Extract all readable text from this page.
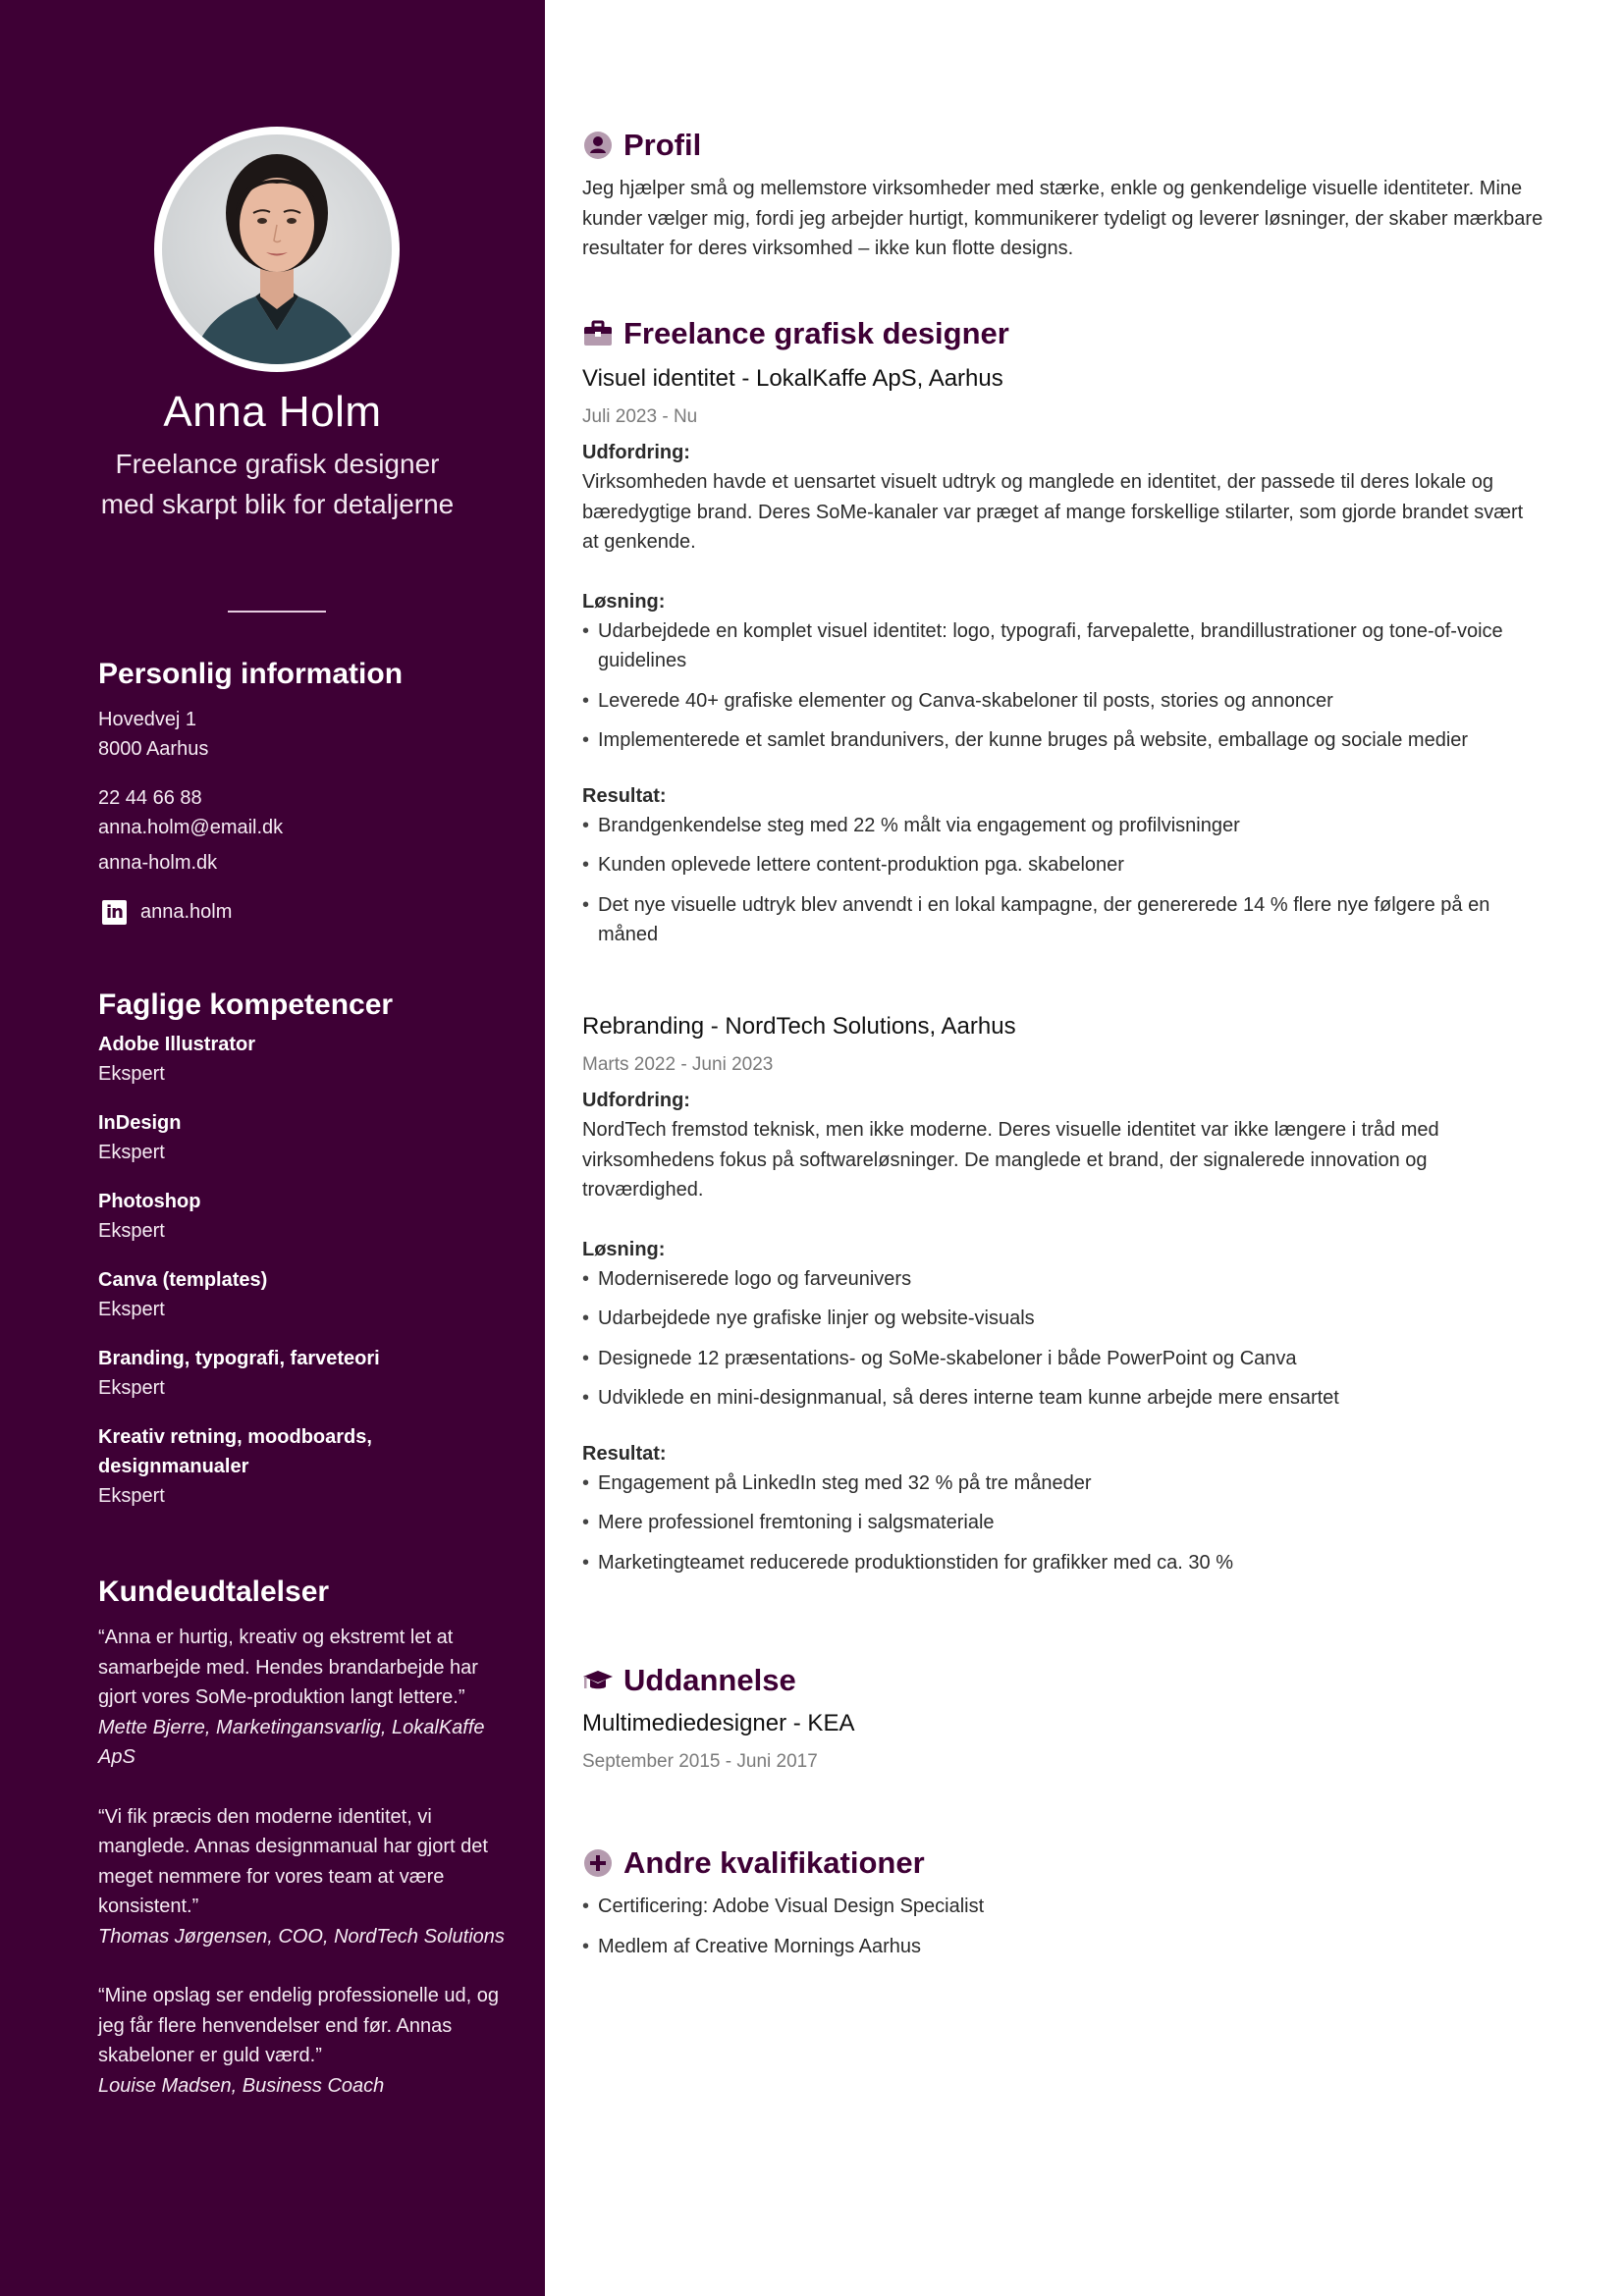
Anna Holm
Freelance grafisk designer med skarpt blik for detaljerne
Personlig information
Hovedvej 1
8000 Aarhus
22 44 66 88
anna.holm@email.dk
anna-holm.dk
in anna.holm
Faglige kompetencer
Adobe Illustrator
Ekspert
InDesign
Ekspert
Photoshop
Ekspert
Canva (templates)
Ekspert
Branding, typografi, farveteori
Ekspert
Kreativ retning, moodboards, designmanualer
Ekspert
Kundeudtalelser
“Anna er hurtig, kreativ og ekstremt let at samarbejde med. Hendes brandarbejde har gjort vores SoMe-produktion langt lettere.”
Mette Bjerre, Marketingansvarlig, LokalKaffe ApS
“Vi fik præcis den moderne identitet, vi manglede. Annas designmanual har gjort det meget nemmere for vores team at være konsistent.”
Thomas Jørgensen, COO, NordTech Solutions
“Mine opslag ser endelig professionelle ud, og jeg får flere henvendelser end før. Annas skabeloner er guld værd.”
Louise Madsen, Business Coach
Profil

Jeg hjælper små og mellemstore virksomheder med stærke, enkle og genkendelige visuelle identiteter. Mine kunder vælger mig, fordi jeg arbejder hurtigt, kommunikerer tydeligt og leverer løsninger, der skaber mærkbare resultater for deres virksomhed – ikke kun flotte designs.

Freelance grafisk designer
Visuel identitet - LokalKaffe ApS, Aarhus
Juli 2023 - Nu
Udfordring:

Virksomheden havde et uensartet visuelt udtryk og manglede en identitet, der passede til deres lokale og bæredygtige brand. Deres SoMe-kanaler var præget af mange forskellige stilarter, som gjorde brandet svært at genkende.

Løsning:
• Udarbejdede en komplet visuel identitet: logo, typografi, farvepalette, brandillustrationer og tone-of-voice guidelines
• Leverede 40+ grafiske elementer og Canva-skabeloner til posts, stories og annoncer
• Implementerede et samlet brandunivers, der kunne bruges på website, emballage og sociale medier
Resultat:
• Brandgenkendelse steg med 22 % målt via engagement og profilvisninger
• Kunden oplevede lettere content-produktion pga. skabeloner
• Det nye visuelle udtryk blev anvendt i en lokal kampagne, der genererede 14 % flere nye følgere på en måned
Rebranding - NordTech Solutions, Aarhus
Marts 2022 - Juni 2023
Udfordring:

NordTech fremstod teknisk, men ikke moderne. Deres visuelle identitet var ikke længere i tråd med virksomhedens fokus på softwareløsninger. De manglede et brand, der signalerede innovation og troværdighed.

Løsning:
• Moderniserede logo og farveunivers
• Udarbejdede nye grafiske linjer og website-visuals
• Designede 12 præsentations- og SoMe-skabeloner i både PowerPoint og Canva
• Udviklede en mini-designmanual, så deres interne team kunne arbejde mere ensartet
Resultat:
• Engagement på LinkedIn steg med 32 % på tre måneder
• Mere professionel fremtoning i salgsmateriale
• Marketingteamet reducerede produktionstiden for grafikker med ca. 30 %
Uddannelse
Multimediedesigner - KEA
September 2015 - Juni 2017
Andre kvalifikationer
• Certificering: Adobe Visual Design Specialist
• Medlem af Creative Mornings Aarhus
